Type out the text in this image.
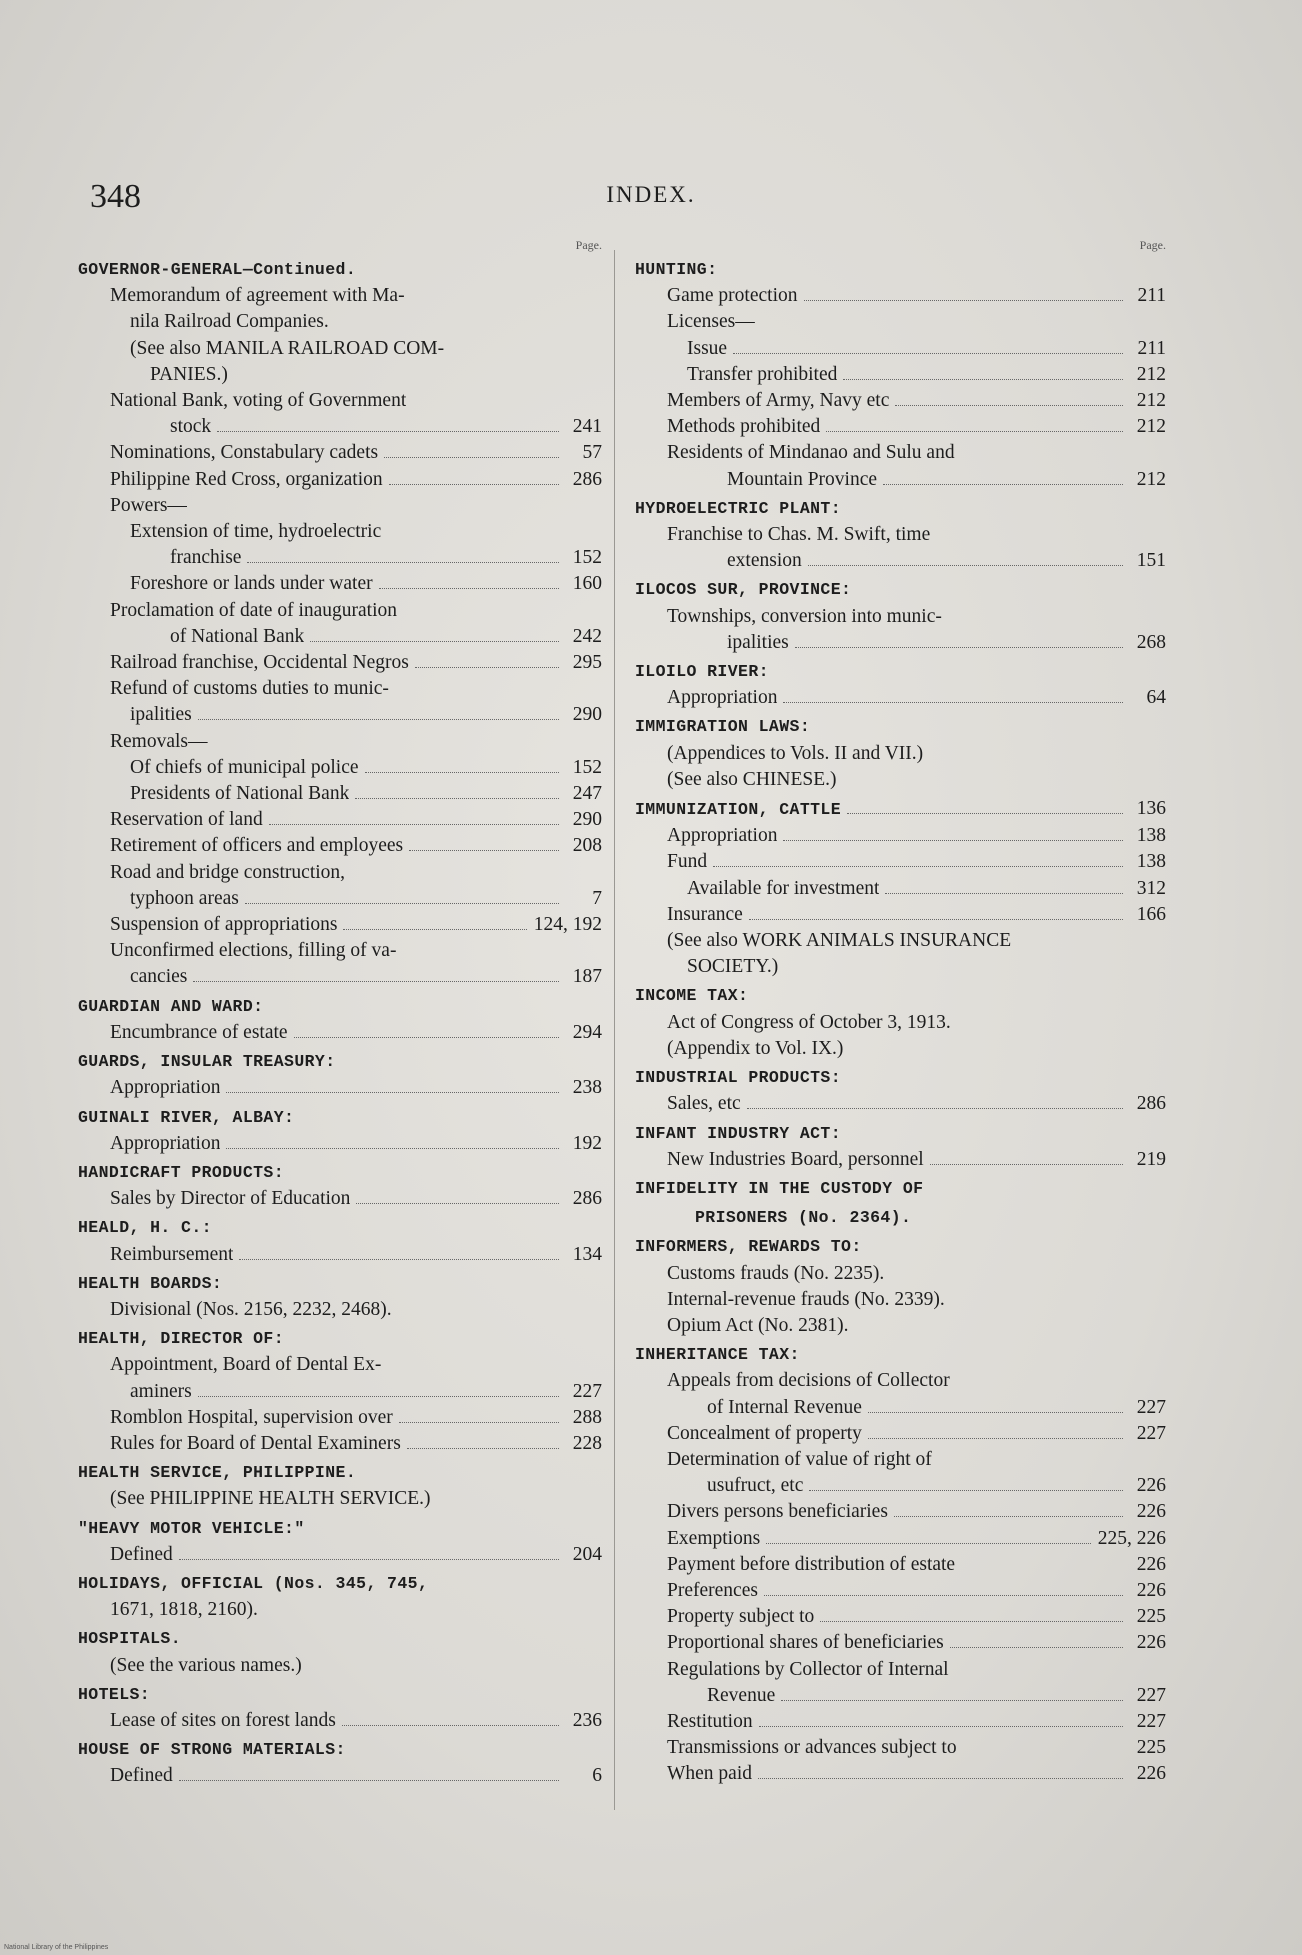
348	INDEX.
Page.
GOVERNOR-GENERAL—Continued.
Memorandum of agreement with Ma-
nila Railroad Companies.
(See also MANILA RAILROAD COM-
PANIES.)
National Bank, voting of Government
stock	241
Nominations, Constabulary cadets	57
Philippine Red Cross, organization	286
Powers—
Extension of time, hydroelectric
franchise	152
Foreshore or lands under water	160
Proclamation of date of inauguration
of National Bank	242
Railroad franchise, Occidental Negros	295
Refund of customs duties to munic-
ipalities	290
Removals—
Of chiefs of municipal police	152
Presidents of National Bank	247
Reservation of land	290
Retirement of officers and employees	208
Road and bridge construction,
typhoon areas	7
Suspension of appropriations	124, 192
Unconfirmed elections, filling of va-
cancies	187
GUARDIAN AND WARD:
Encumbrance of estate	294
GUARDS, INSULAR TREASURY:
Appropriation	238
GUINALI RIVER, ALBAY:
Appropriation	192
HANDICRAFT PRODUCTS:
Sales by Director of Education	286
HEALD, H. C.:
Reimbursement	134
HEALTH BOARDS:
Divisional (Nos. 2156, 2232, 2468).
HEALTH, DIRECTOR OF:
Appointment, Board of Dental Ex-
aminers	227
Romblon Hospital, supervision over	288
Rules for Board of Dental Examiners	228
HEALTH SERVICE, PHILIPPINE.
(See PHILIPPINE HEALTH SERVICE.)
"HEAVY MOTOR VEHICLE:"
Defined	204
HOLIDAYS, OFFICIAL (Nos. 345, 745,
1671, 1818, 2160).
HOSPITALS.
(See the various names.)
HOTELS:
Lease of sites on forest lands	236
HOUSE OF STRONG MATERIALS:
Defined	6
Page.
HUNTING:
Game protection	211
Licenses—
Issue	211
Transfer prohibited	212
Members of Army, Navy etc	212
Methods prohibited	212
Residents of Mindanao and Sulu and
Mountain Province	212
HYDROELECTRIC PLANT:
Franchise to Chas. M. Swift, time
extension	151
ILOCOS SUR, PROVINCE:
Townships, conversion into munic-
ipalities	268
ILOILO RIVER:
Appropriation	64
IMMIGRATION LAWS:
(Appendices to Vols. II and VII.)
(See also CHINESE.)
IMMUNIZATION, CATTLE	136
Appropriation	138
Fund	138
Available for investment	312
Insurance	166
(See also WORK ANIMALS INSURANCE
SOCIETY.)
INCOME TAX:
Act of Congress of October 3, 1913.
(Appendix to Vol. IX.)
INDUSTRIAL PRODUCTS:
Sales, etc	286
INFANT INDUSTRY ACT:
New Industries Board, personnel	219
INFIDELITY IN THE CUSTODY OF
PRISONERS (No. 2364).
INFORMERS, REWARDS TO:
Customs frauds (No. 2235).
Internal-revenue frauds (No. 2339).
Opium Act (No. 2381).
INHERITANCE TAX:
Appeals from decisions of Collector
of Internal Revenue	227
Concealment of property	227
Determination of value of right of
usufruct, etc	226
Divers persons beneficiaries	226
Exemptions	225, 226
Payment before distribution of estate	226
Preferences	226
Property subject to	225
Proportional shares of beneficiaries	226
Regulations by Collector of Internal
Revenue	227
Restitution	227
Transmissions or advances subject to	225
When paid	226
National Library of the Philippines
